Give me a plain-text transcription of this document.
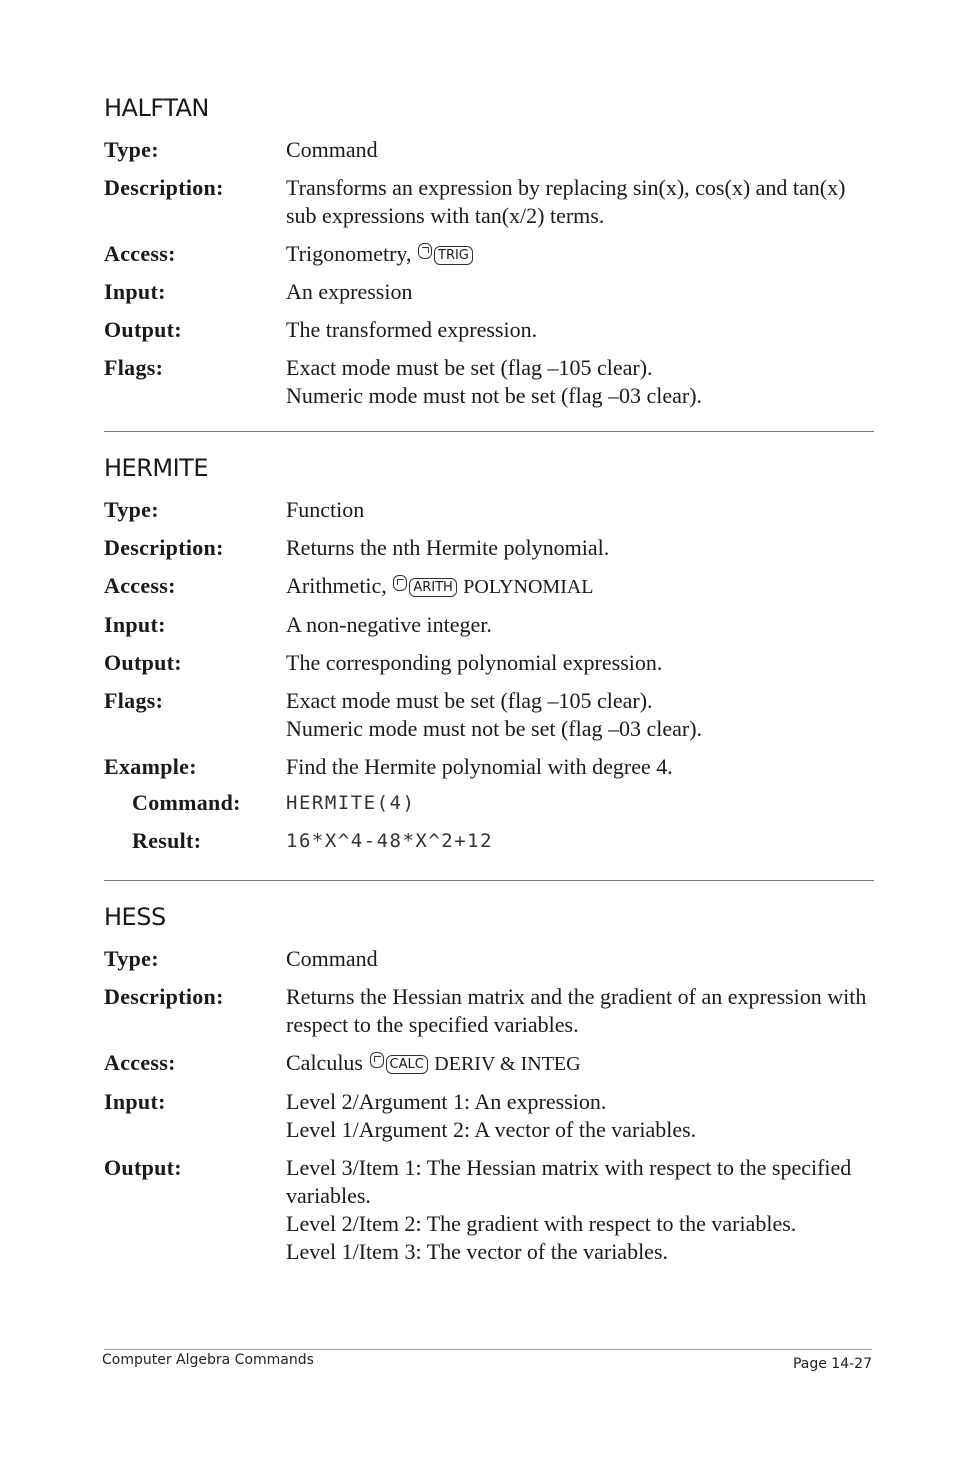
HALFTAN
Type:	Command
Description:	Transforms an expression by replacing sin(x), cos(x) and tan(x) sub expressions with tan(x/2) terms.
Access:	Trigonometry, TRIG
Input:	An expression
Output:	The transformed expression.
Flags:	Exact mode must be set (flag –105 clear).
Numeric mode must not be set (flag –03 clear).
HERMITE
Type:	Function
Description:	Returns the nth Hermite polynomial.
Access:	Arithmetic, ARITH POLYNOMIAL
Input:	A non-negative integer.
Output:	The corresponding polynomial expression.
Flags:	Exact mode must be set (flag –105 clear).
Numeric mode must not be set (flag –03 clear).
Example:	Find the Hermite polynomial with degree 4.
Command:	HERMITE(4)
Result:	16*X^4-48*X^2+12
HESS
Type:	Command
Description:	Returns the Hessian matrix and the gradient of an expression with respect to the specified variables.
Access:	Calculus CALC DERIV & INTEG
Input:	Level 2/Argument 1: An expression.
Level 1/Argument 2: A vector of the variables.
Output:	Level 3/Item 1: The Hessian matrix with respect to the specified variables.
Level 2/Item 2: The gradient with respect to the variables.
Level 1/Item 3: The vector of the variables.
Computer Algebra Commands	Page 14-27
